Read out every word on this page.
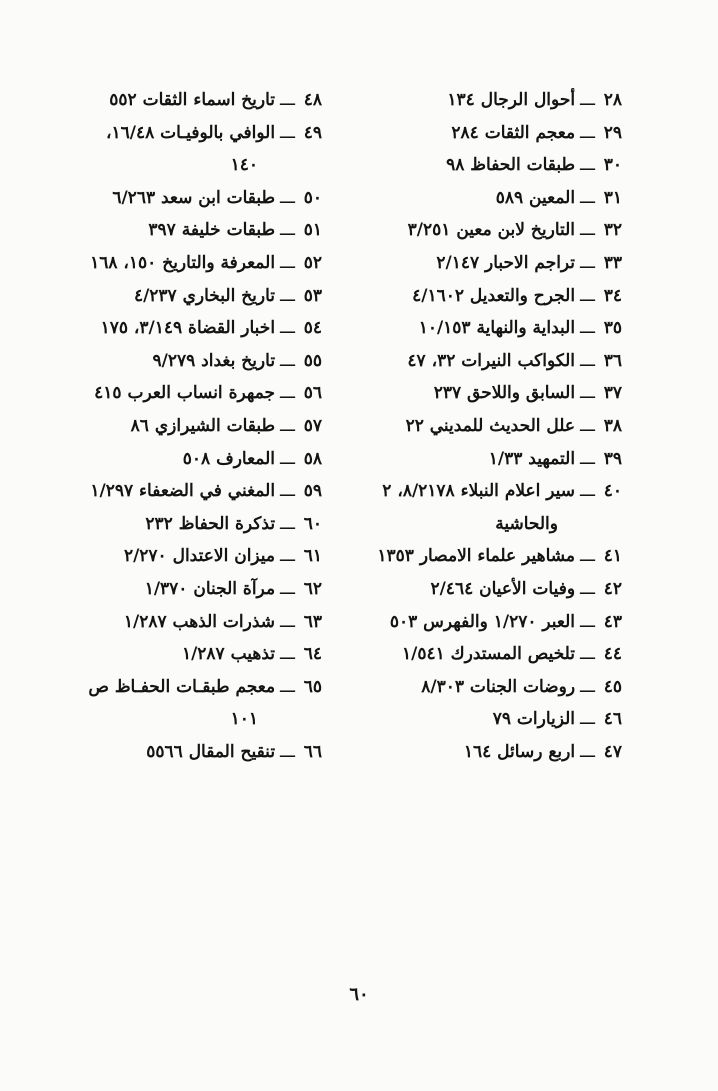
٢٨ـــأحوال الرجال ١٣٤
٢٩ـــمعجم الثقات ٢٨٤
٣٠ـــطبقات الحفاظ ٩٨
٣١ـــالمعين ٥٨٩
٣٢ـــالتاريخ لابن معين ٣/٢٥١
٣٣ـــتراجم الاحبار ٢/١٤٧
٣٤ـــالجرح والتعديل ٤/١٦٠٢
٣٥ـــالبداية والنهاية ١٠/١٥٣
٣٦ـــالكواكب النيرات ٣٢، ٤٧
٣٧ـــالسابق واللاحق ٢٣٧
٣٨ـــعلل الحديث للمديني ٢٢
٣٩ـــالتمهيد ١/٣٣
٤٠ـــسير اعلام النبلاء ٨/٢١٧٨، ٢
والحاشية
٤١ـــمشاهير علماء الامصار ١٣٥٣
٤٢ـــوفيات الأعيان ٢/٤٦٤
٤٣ـــالعبر ١/٢٧٠ والفهرس ٥٠٣
٤٤ـــتلخيص المستدرك ١/٥٤١
٤٥ـــروضات الجنات ٨/٣٠٣
٤٦ـــالزيارات ٧٩
٤٧ـــاربع رسائل ١٦٤
٤٨ـــتاريخ اسماء الثقات ٥٥٢
٤٩ـــالوافي بالوفيـات ١٦/٤٨،
١٤٠
٥٠ـــطبقات ابن سعد ٦/٢٦٣
٥١ـــطبقات خليفة ٣٩٧
٥٢ـــالمعرفة والتاريخ ١٥٠، ١٦٨
٥٣ـــتاريخ البخاري ٤/٢٣٧
٥٤ـــاخبار القضاة ٣/١٤٩، ١٧٥
٥٥ـــتاريخ بغداد ٩/٢٧٩
٥٦ـــجمهرة انساب العرب ٤١٥
٥٧ـــطبقات الشيرازي ٨٦
٥٨ـــالمعارف ٥٠٨
٥٩ـــالمغني في الضعفاء ١/٢٩٧
٦٠ـــتذكرة الحفاظ ٢٣٢
٦١ـــميزان الاعتدال ٢/٢٧٠
٦٢ـــمرآة الجنان ١/٣٧٠
٦٣ـــشذرات الذهب ١/٢٨٧
٦٤ـــتذهيب ١/٢٨٧
٦٥ـــمعجم طبقـات الحفـاظ ص
١٠١
٦٦ـــتنقيح المقال ٥٥٦٦
٦٠
